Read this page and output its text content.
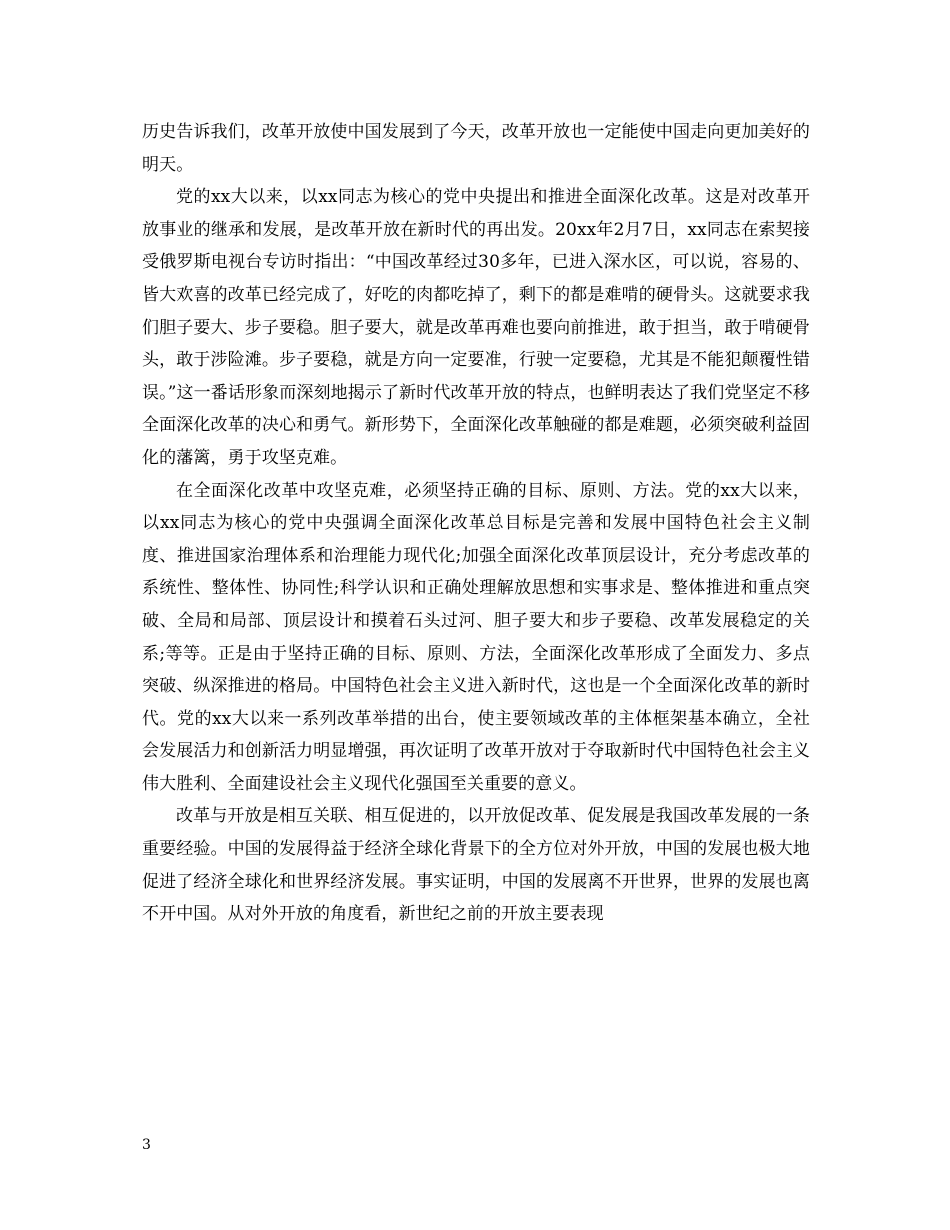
历史告诉我们，改革开放使中国发展到了今天，改革开放也一定能使中国走向更加美好的明天。

党的xx大以来，以xx同志为核心的党中央提出和推进全面深化改革。这是对改革开放事业的继承和发展，是改革开放在新时代的再出发。20xx年2月7日，xx同志在索契接受俄罗斯电视台专访时指出：“中国改革经过30多年，已进入深水区，可以说，容易的、皆大欢喜的改革已经完成了，好吃的肉都吃掉了，剩下的都是难啃的硬骨头。这就要求我们胆子要大、步子要稳。胆子要大，就是改革再难也要向前推进，敢于担当，敢于啃硬骨头，敢于涉险滩。步子要稳，就是方向一定要准，行驶一定要稳，尤其是不能犯颠覆性错误。”这一番话形象而深刻地揭示了新时代改革开放的特点，也鲜明表达了我们党坚定不移全面深化改革的决心和勇气。新形势下，全面深化改革触碰的都是难题，必须突破利益固化的藩篱，勇于攻坚克难。

在全面深化改革中攻坚克难，必须坚持正确的目标、原则、方法。党的xx大以来，以xx同志为核心的党中央强调全面深化改革总目标是完善和发展中国特色社会主义制度、推进国家治理体系和治理能力现代化;加强全面深化改革顶层设计，充分考虑改革的系统性、整体性、协同性;科学认识和正确处理解放思想和实事求是、整体推进和重点突破、全局和局部、顶层设计和摸着石头过河、胆子要大和步子要稳、改革发展稳定的关系;等等。正是由于坚持正确的目标、原则、方法，全面深化改革形成了全面发力、多点突破、纵深推进的格局。中国特色社会主义进入新时代，这也是一个全面深化改革的新时代。党的xx大以来一系列改革举措的出台，使主要领域改革的主体框架基本确立，全社会发展活力和创新活力明显增强，再次证明了改革开放对于夺取新时代中国特色社会主义伟大胜利、全面建设社会主义现代化强国至关重要的意义。

改革与开放是相互关联、相互促进的，以开放促改革、促发展是我国改革发展的一条重要经验。中国的发展得益于经济全球化背景下的全方位对外开放，中国的发展也极大地促进了经济全球化和世界经济发展。事实证明，中国的发展离不开世界，世界的发展也离不开中国。从对外开放的角度看，新世纪之前的开放主要表现

3
